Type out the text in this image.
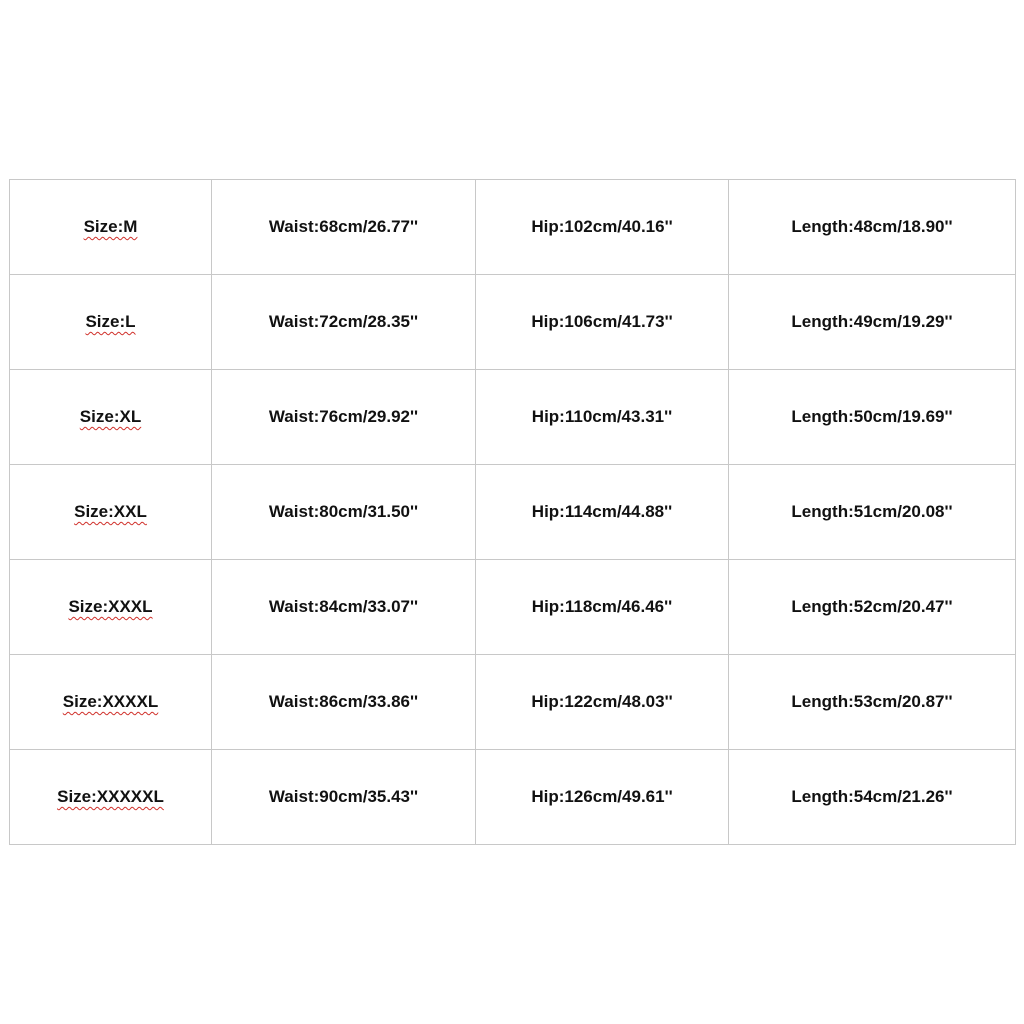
Size:M	Waist:68cm/26.77''	Hip:102cm/40.16''	Length:48cm/18.90''
Size:L	Waist:72cm/28.35''	Hip:106cm/41.73''	Length:49cm/19.29''
Size:XL	Waist:76cm/29.92''	Hip:110cm/43.31''	Length:50cm/19.69''
Size:XXL	Waist:80cm/31.50''	Hip:114cm/44.88''	Length:51cm/20.08''
Size:XXXL	Waist:84cm/33.07''	Hip:118cm/46.46''	Length:52cm/20.47''
Size:XXXXL	Waist:86cm/33.86''	Hip:122cm/48.03''	Length:53cm/20.87''
Size:XXXXXL	Waist:90cm/35.43''	Hip:126cm/49.61''	Length:54cm/21.26''
